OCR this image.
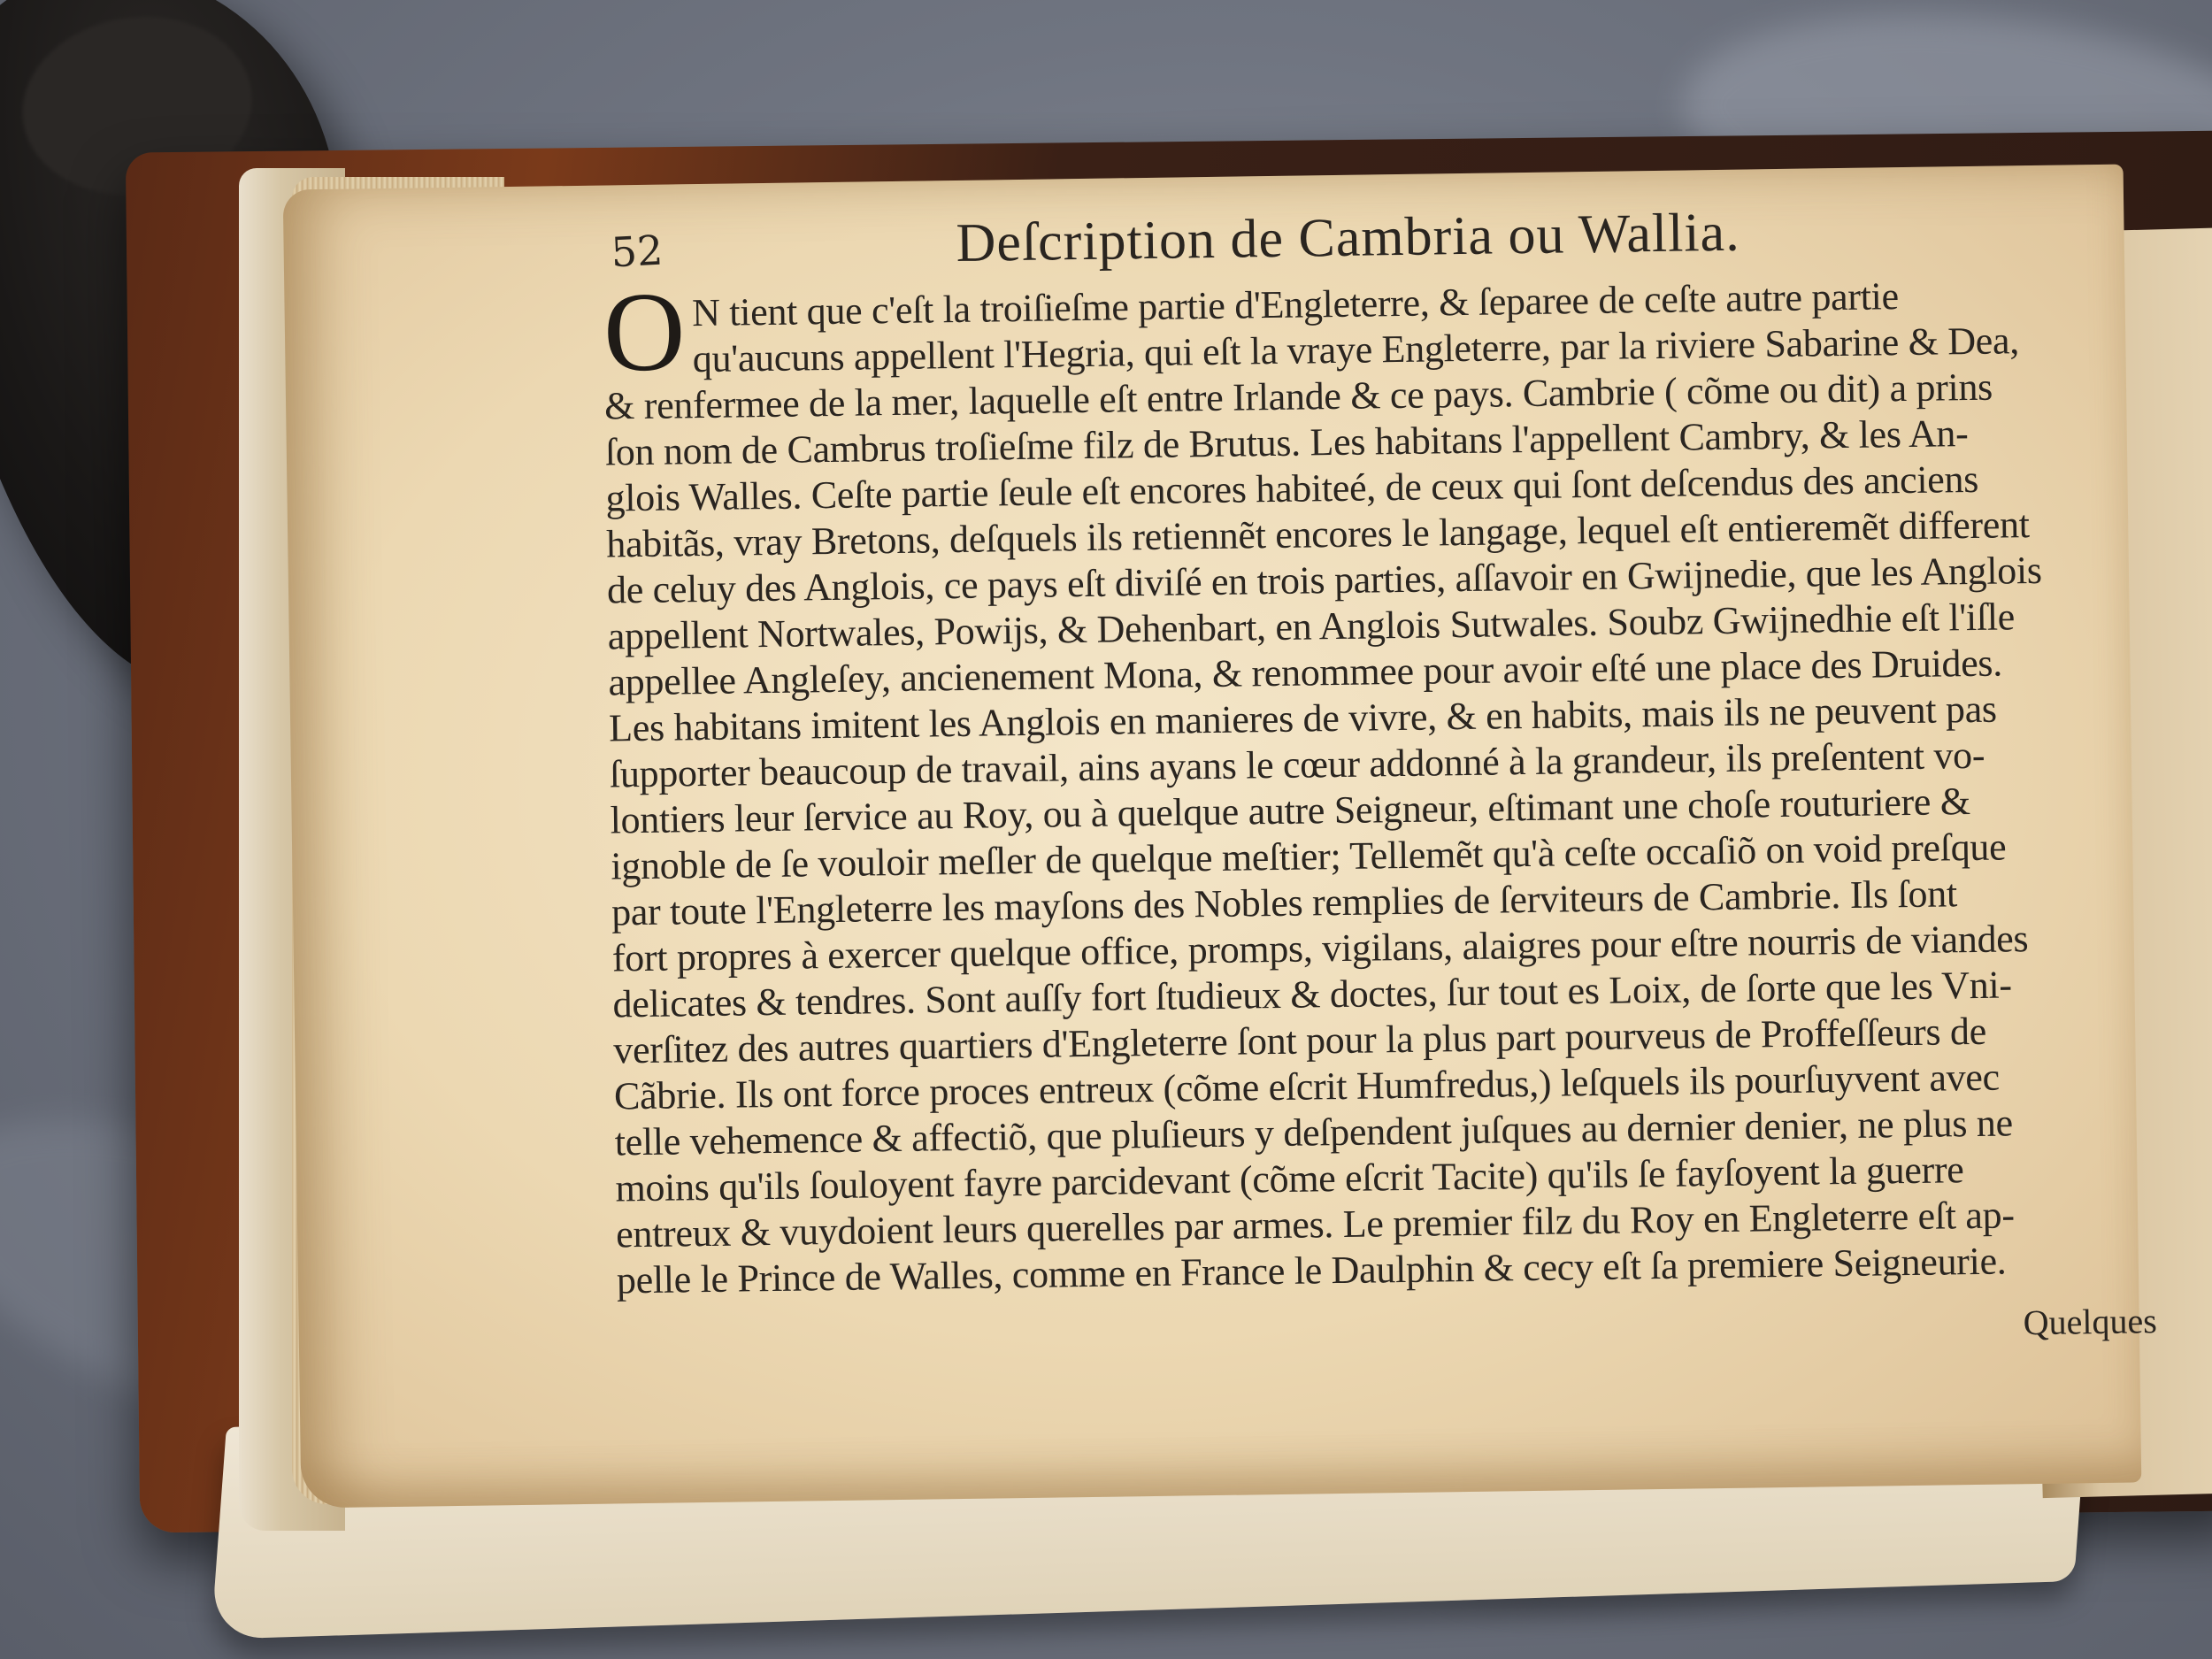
52	Deſcription de Cambria ou Wallia.
O N tient que c'eſt la troiſieſme partie d'Engleterre, & ſeparee de ceſte autre partie
qu'aucuns appellent l'Hegria, qui eſt la vraye Engleterre, par la riviere Sabarine & Dea,
& renfermee de la mer, laquelle eſt entre Irlande & ce pays. Cambrie ( cõme ou dit) a prins
ſon nom de Cambrus troſieſme filz de Brutus. Les habitans l'appellent Cambry, & les An-
glois Walles. Ceſte partie ſeule eſt encores habiteé, de ceux qui ſont deſcendus des anciens
habitãs, vray Bretons, deſquels ils retiennẽt encores le langage, lequel eſt entieremẽt different
de celuy des Anglois, ce pays eſt diviſé en trois parties, aſſavoir en Gwijnedie, que les Anglois
appellent Nortwales, Powijs, & Dehenbart, en Anglois Sutwales. Soubz Gwijnedhie eſt l'iſle
appellee Angleſey, ancienement Mona, & renommee pour avoir eſté une place des Druides.
Les habitans imitent les Anglois en manieres de vivre, & en habits, mais ils ne peuvent pas
ſupporter beaucoup de travail, ains ayans le cœur addonné à la grandeur, ils preſentent vo-
lontiers leur ſervice au Roy, ou à quelque autre Seigneur, eſtimant une choſe routuriere &
ignoble de ſe vouloir meſler de quelque meſtier; Tellemẽt qu'à ceſte occaſiõ on void preſque
par toute l'Engleterre les mayſons des Nobles remplies de ſerviteurs de Cambrie. Ils ſont
fort propres à exercer quelque office, promps, vigilans, alaigres pour eſtre nourris de viandes
delicates & tendres. Sont auſſy fort ſtudieux & doctes, ſur tout es Loix, de ſorte que les Vni-
verſitez des autres quartiers d'Engleterre ſont pour la plus part pourveus de Proffeſſeurs de
Cãbrie. Ils ont force proces entreux (cõme eſcrit Humfredus,) leſquels ils pourſuyvent avec
telle vehemence & affectiõ, que pluſieurs y deſpendent juſques au dernier denier, ne plus ne
moins qu'ils ſouloyent fayre parcidevant (cõme eſcrit Tacite) qu'ils ſe fayſoyent la guerre
entreux & vuydoient leurs querelles par armes. Le premier filz du Roy en Engleterre eſt ap-
pelle le Prince de Walles, comme en France le Daulphin & cecy eſt ſa premiere Seigneurie.
Quelques
